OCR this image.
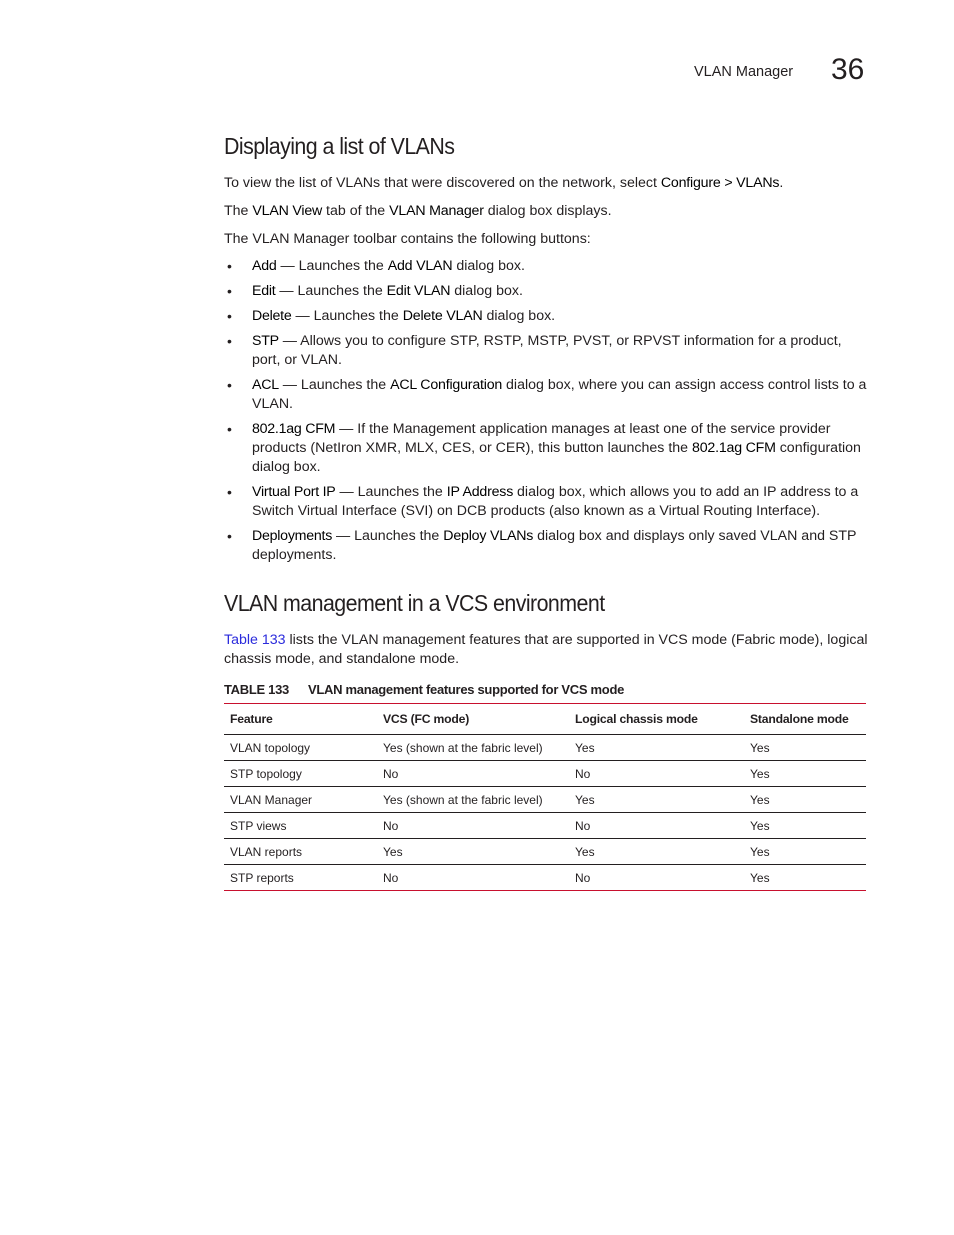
VLAN Manager 36
Displaying a list of VLANs
To view the list of VLANs that were discovered on the network, select Configure > VLANs.
The VLAN View tab of the VLAN Manager dialog box displays.
The VLAN Manager toolbar contains the following buttons:
• Add — Launches the Add VLAN dialog box.
• Edit — Launches the Edit VLAN dialog box.
• Delete — Launches the Delete VLAN dialog box.
• STP — Allows you to configure STP, RSTP, MSTP, PVST, or RPVST information for a product, port, or VLAN.
• ACL — Launches the ACL Configuration dialog box, where you can assign access control lists to a VLAN.
• 802.1ag CFM — If the Management application manages at least one of the service provider products (NetIron XMR, MLX, CES, or CER), this button launches the 802.1ag CFM configuration dialog box.
• Virtual Port IP — Launches the IP Address dialog box, which allows you to add an IP address to a Switch Virtual Interface (SVI) on DCB products (also known as a Virtual Routing Interface).
• Deployments — Launches the Deploy VLANs dialog box and displays only saved VLAN and STP deployments.
VLAN management in a VCS environment
Table 133 lists the VLAN management features that are supported in VCS mode (Fabric mode), logical chassis mode, and standalone mode.
TABLE 133 VLAN management features supported for VCS mode
Feature	VCS (FC mode)	Logical chassis mode	Standalone mode
VLAN topology	Yes (shown at the fabric level)	Yes	Yes
STP topology	No	No	Yes
VLAN Manager	Yes (shown at the fabric level)	Yes	Yes
STP views	No	No	Yes
VLAN reports	Yes	Yes	Yes
STP reports	No	No	Yes
